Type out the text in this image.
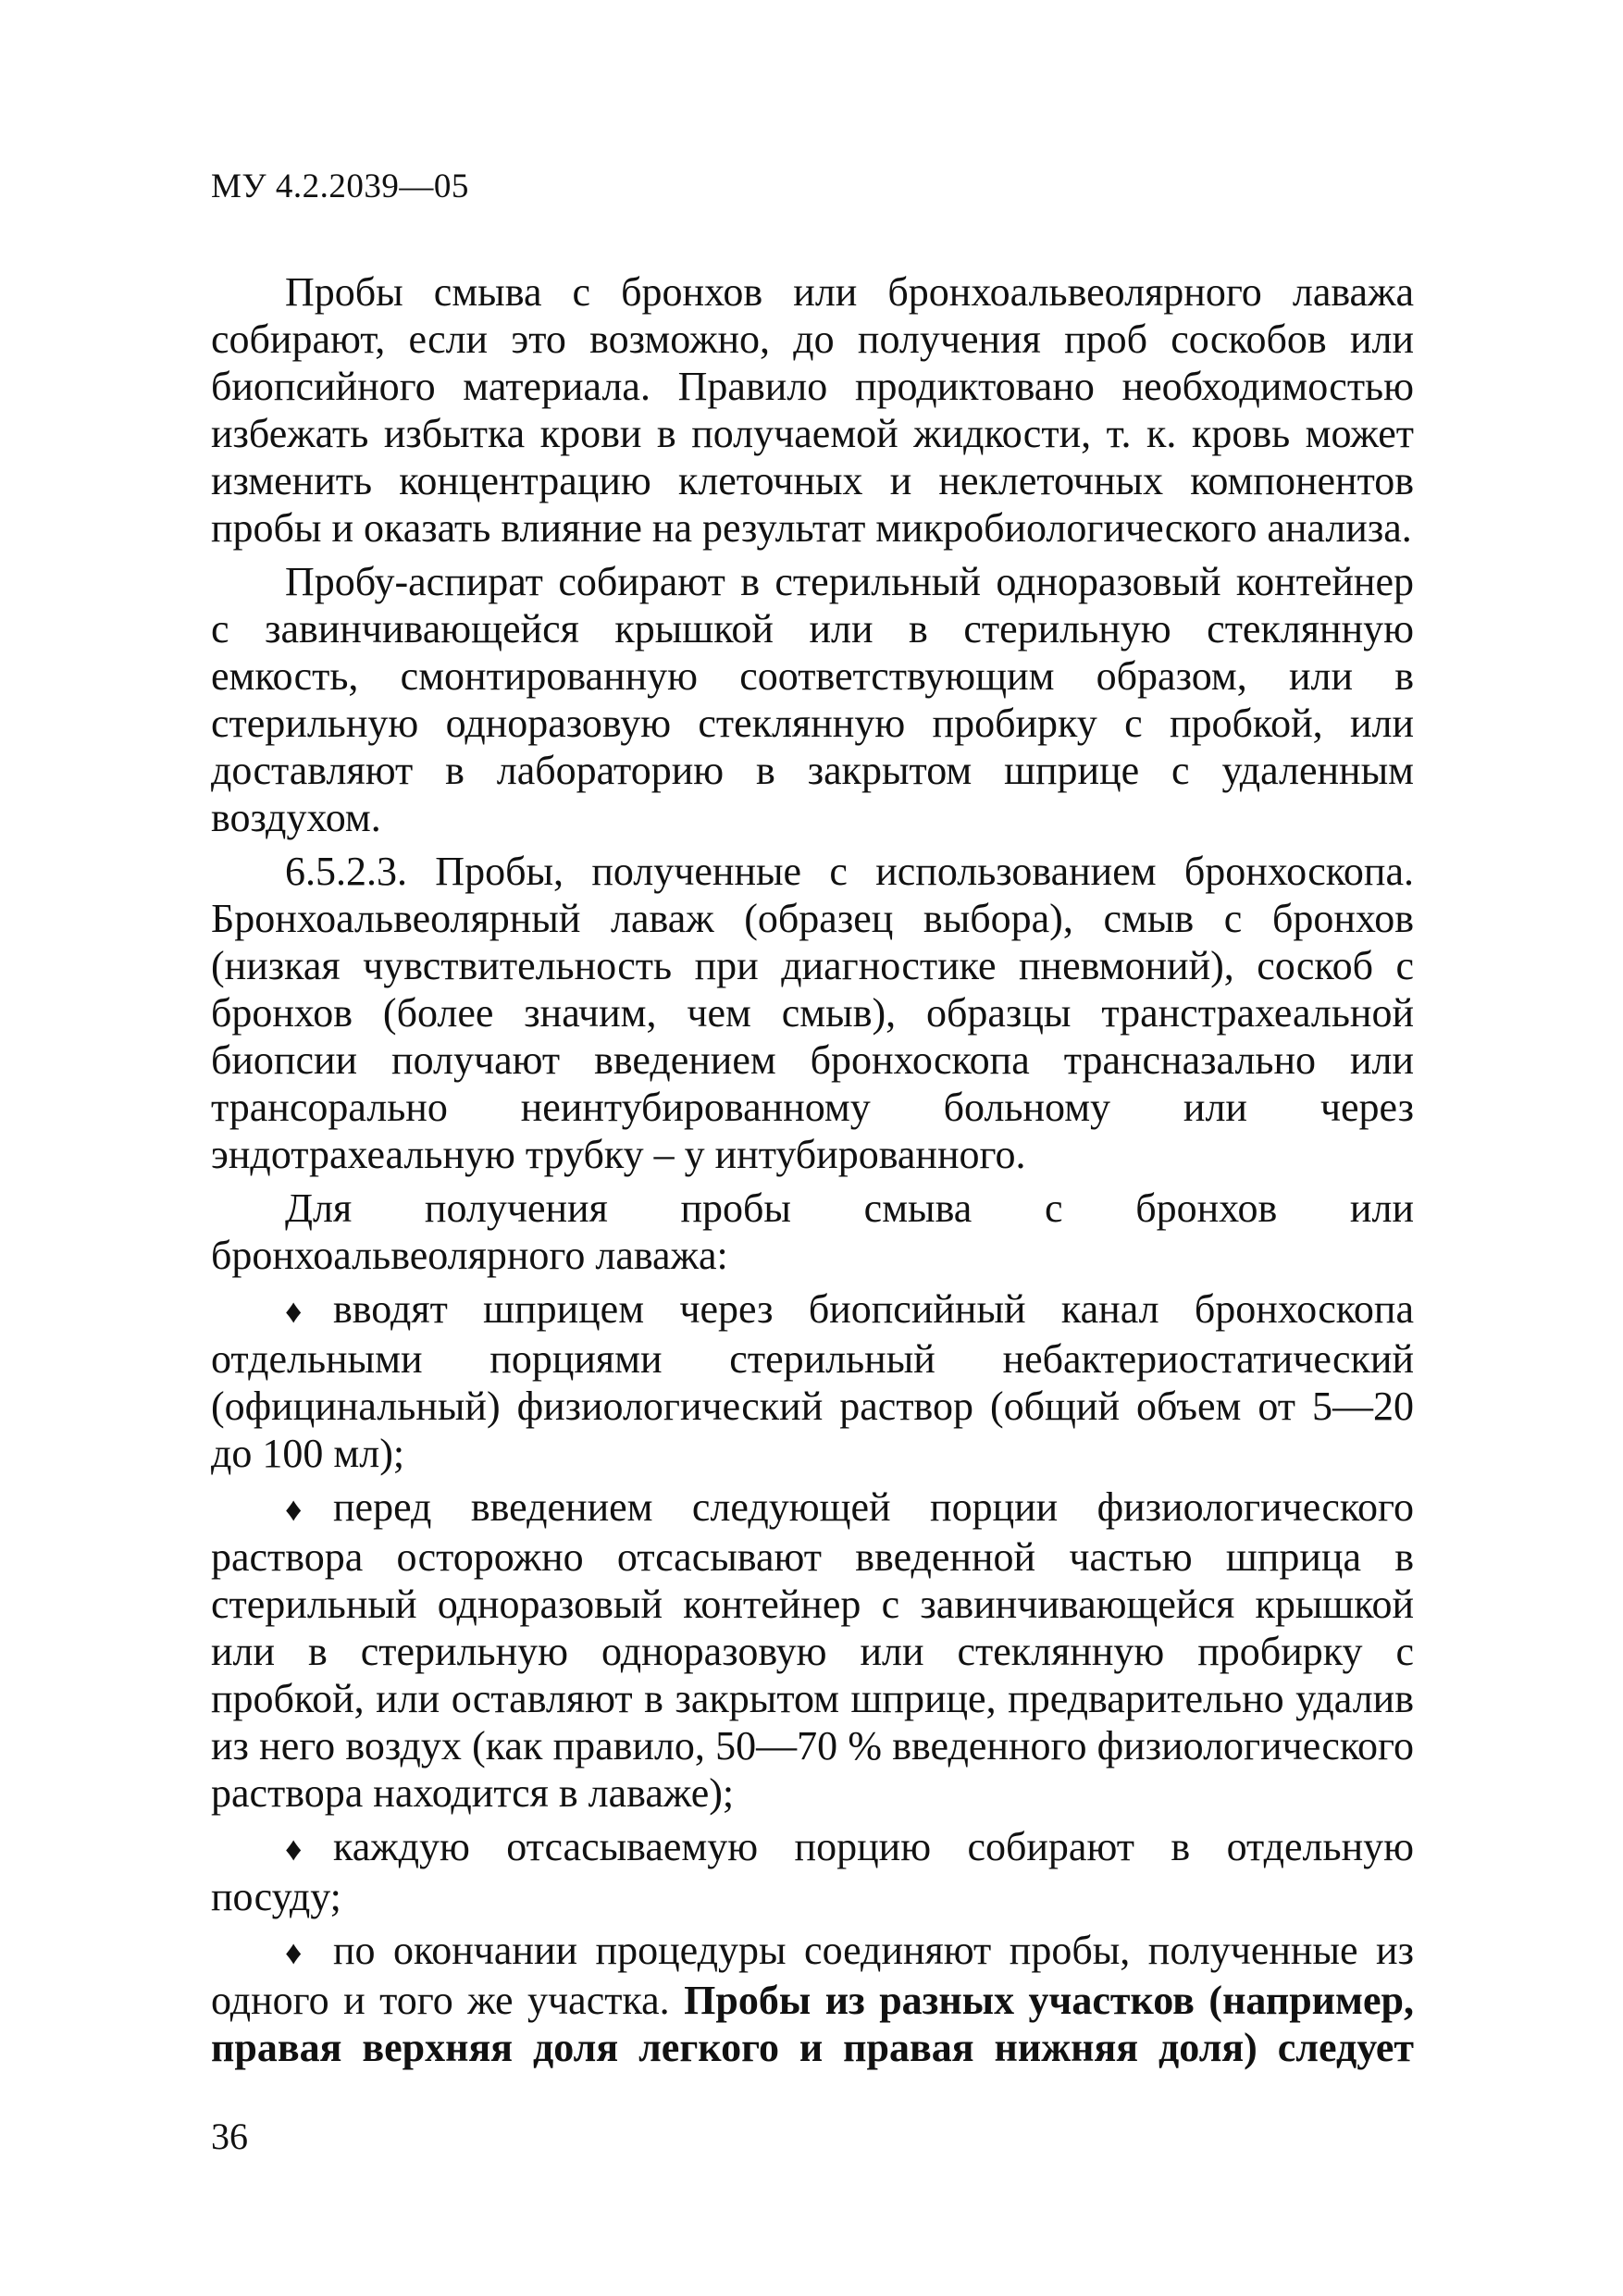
МУ 4.2.2039—05

Пробы смыва с бронхов или бронхоальвеолярного лаважа собирают, если это возможно, до получения проб соскобов или биопсийного материала. Правило продиктовано необходимостью избежать избытка крови в получаемой жидкости, т. к. кровь может изменить концентрацию клеточных и неклеточных компонентов пробы и оказать влияние на результат микробиологического анализа.

Пробу-аспират собирают в стерильный одноразовый контейнер с завинчивающейся крышкой или в стерильную стеклянную емкость, смонтированную соответствующим образом, или в стерильную одноразовую стеклянную пробирку с пробкой, или доставляют в лабораторию в закрытом шприце с удаленным воздухом.

6.5.2.3. Пробы, полученные с использованием бронхоскопа. Бронхоальвеолярный лаваж (образец выбора), смыв с бронхов (низкая чувствительность при диагностике пневмоний), соскоб с бронхов (более значим, чем смыв), образцы транстрахеальной биопсии получают введением бронхоскопа трансназально или трансорально неинтубированному больному или через эндотрахеальную трубку – у интубированного.

Для получения пробы смыва с бронхов или бронхоальвеолярного лаважа:

♦ вводят шприцем через биопсийный канал бронхоскопа отдельными порциями стерильный небактериостатический (официнальный) физиологический раствор (общий объем от 5—20 до 100 мл);

♦ перед введением следующей порции физиологического раствора осторожно отсасывают введенной частью шприца в стерильный одноразовый контейнер с завинчивающейся крышкой или в стерильную одноразовую или стеклянную пробирку с пробкой, или оставляют в закрытом шприце, предварительно удалив из него воздух (как правило, 50—70 % введенного физиологического раствора находится в лаваже);

♦ каждую отсасываемую порцию собирают в отдельную посуду;

♦ по окончании процедуры соединяют пробы, полученные из одного и того же участка. Пробы из разных участков (например, правая верхняя доля легкого и правая нижняя доля) следует

36
